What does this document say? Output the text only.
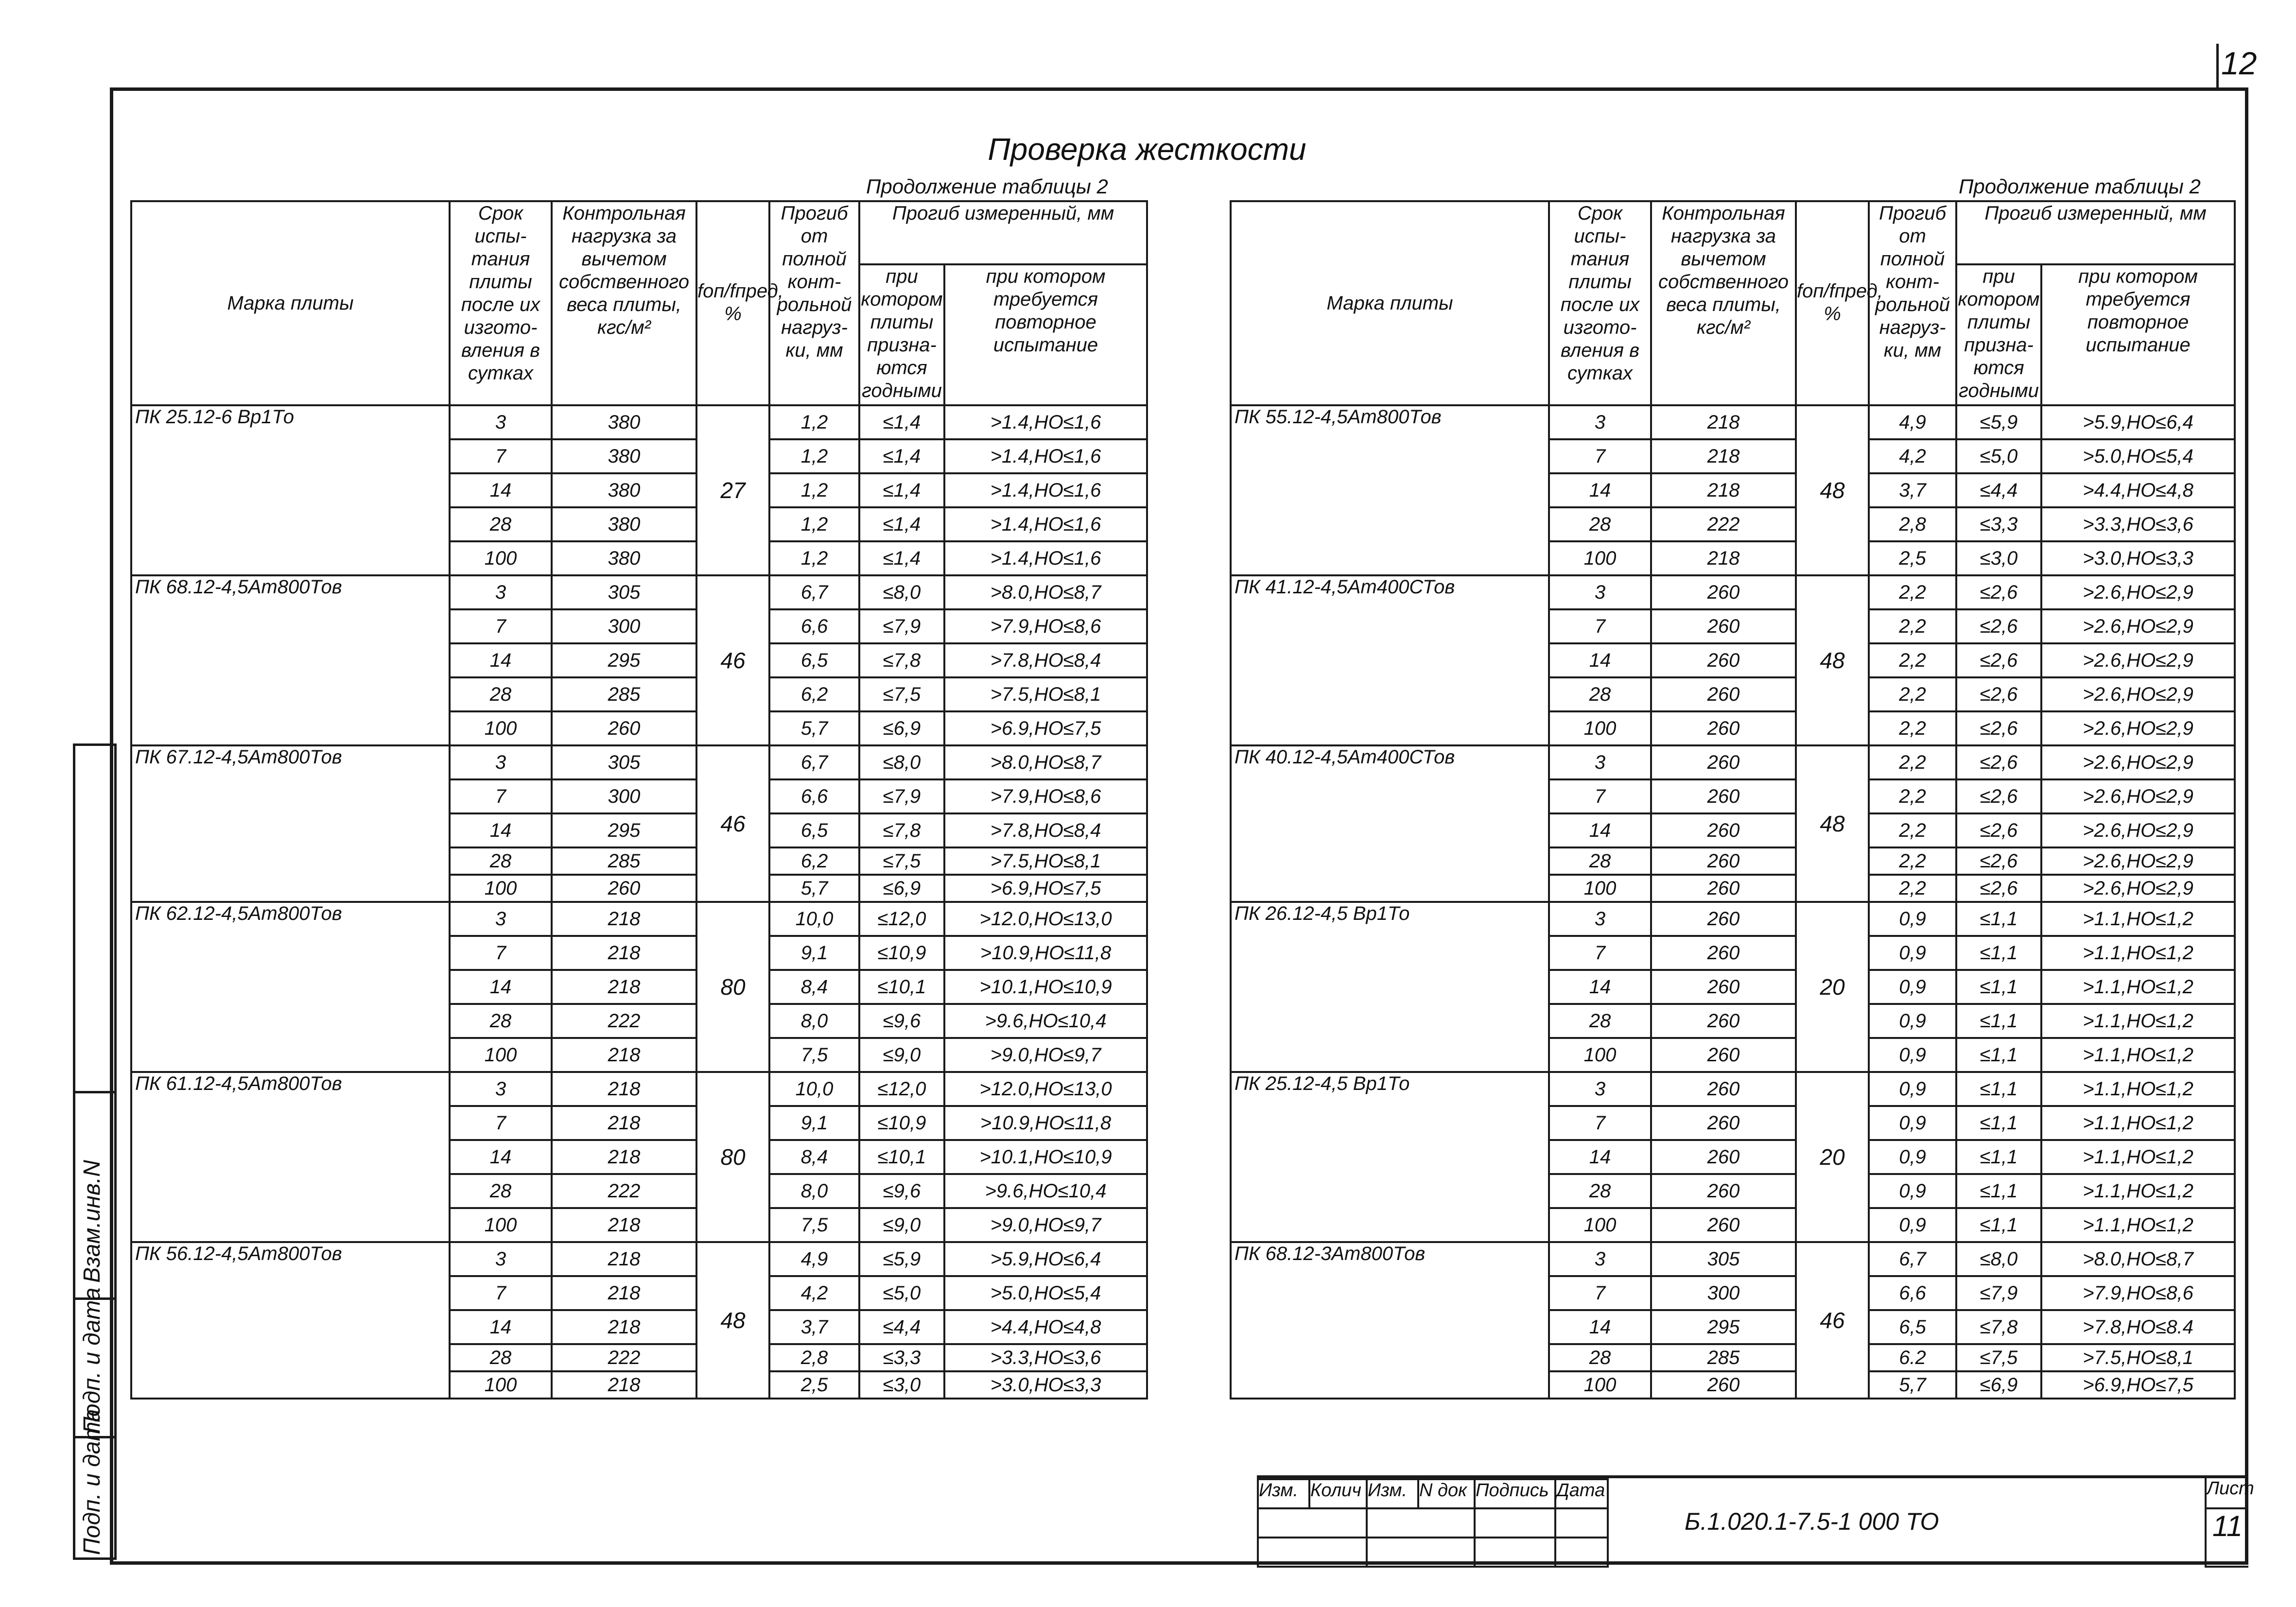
12
Проверка жесткости
Продолжение таблицы 2	Продолжение таблицы 2
Марка плиты	Срок испы-тания плиты после их изгото-вления в сутках	Контрольная нагрузка за вычетом собственного веса плиты, кгс/м²	fоп/fпред, %	Прогиб от полной конт-рольной нагруз-ки, мм	Прогиб измеренный, мм	
					при котором плиты призна-ются годными	при котором требуется повторное испытание
ПК 25.12-6 Вр1То	3	380	27	1,2	≤1,4	>1.4,НО≤1,6
	7	380		1,2	≤1,4	>1.4,НО≤1,6
	14	380		1,2	≤1,4	>1.4,НО≤1,6
	28	380		1,2	≤1,4	>1.4,НО≤1,6
	100	380		1,2	≤1,4	>1.4,НО≤1,6
ПК 68.12-4,5Ат800Тов	3	305	46	6,7	≤8,0	>8.0,НО≤8,7
	7	300		6,6	≤7,9	>7.9,НО≤8,6
	14	295		6,5	≤7,8	>7.8,НО≤8,4
	28	285		6,2	≤7,5	>7.5,НО≤8,1
	100	260		5,7	≤6,9	>6.9,НО≤7,5
ПК 67.12-4,5Ат800Тов	3	305	46	6,7	≤8,0	>8.0,НО≤8,7
	7	300		6,6	≤7,9	>7.9,НО≤8,6
	14	295		6,5	≤7,8	>7.8,НО≤8,4
	28	285		6,2	≤7,5	>7.5,НО≤8,1
	100	260		5,7	≤6,9	>6.9,НО≤7,5
ПК 62.12-4,5Ат800Тов	3	218	80	10,0	≤12,0	>12.0,НО≤13,0
	7	218		9,1	≤10,9	>10.9,НО≤11,8
	14	218		8,4	≤10,1	>10.1,НО≤10,9
	28	222		8,0	≤9,6	>9.6,НО≤10,4
	100	218		7,5	≤9,0	>9.0,НО≤9,7
ПК 61.12-4,5Ат800Тов	3	218	80	10,0	≤12,0	>12.0,НО≤13,0
	7	218		9,1	≤10,9	>10.9,НО≤11,8
	14	218		8,4	≤10,1	>10.1,НО≤10,9
	28	222		8,0	≤9,6	>9.6,НО≤10,4
	100	218		7,5	≤9,0	>9.0,НО≤9,7
ПК 56.12-4,5Ат800Тов	3	218	48	4,9	≤5,9	>5.9,НО≤6,4
	7	218		4,2	≤5,0	>5.0,НО≤5,4
	14	218		3,7	≤4,4	>4.4,НО≤4,8
	28	222		2,8	≤3,3	>3.3,НО≤3,6
	100	218		2,5	≤3,0	>3.0,НО≤3,3
Марка плиты	Срок испы-тания плиты после их изгото-вления в сутках	Контрольная нагрузка за вычетом собственного веса плиты, кгс/м²	fоп/fпред, %	Прогиб от полной конт-рольной нагруз-ки, мм	Прогиб измеренный, мм	
					при котором плиты призна-ются годными	при котором требуется повторное испытание
ПК 55.12-4,5Ат800Тов	3	218	48	4,9	≤5,9	>5.9,НО≤6,4
	7	218		4,2	≤5,0	>5.0,НО≤5,4
	14	218		3,7	≤4,4	>4.4,НО≤4,8
	28	222		2,8	≤3,3	>3.3,НО≤3,6
	100	218		2,5	≤3,0	>3.0,НО≤3,3
ПК 41.12-4,5Ат400СТов	3	260	48	2,2	≤2,6	>2.6,НО≤2,9
	7	260		2,2	≤2,6	>2.6,НО≤2,9
	14	260		2,2	≤2,6	>2.6,НО≤2,9
	28	260		2,2	≤2,6	>2.6,НО≤2,9
	100	260		2,2	≤2,6	>2.6,НО≤2,9
ПК 40.12-4,5Ат400СТов	3	260	48	2,2	≤2,6	>2.6,НО≤2,9
	7	260		2,2	≤2,6	>2.6,НО≤2,9
	14	260		2,2	≤2,6	>2.6,НО≤2,9
	28	260		2,2	≤2,6	>2.6,НО≤2,9
	100	260		2,2	≤2,6	>2.6,НО≤2,9
ПК 26.12-4,5 Вр1То	3	260	20	0,9	≤1,1	>1.1,НО≤1,2
	7	260		0,9	≤1,1	>1.1,НО≤1,2
	14	260		0,9	≤1,1	>1.1,НО≤1,2
	28	260		0,9	≤1,1	>1.1,НО≤1,2
	100	260		0,9	≤1,1	>1.1,НО≤1,2
ПК 25.12-4,5 Вр1То	3	260	20	0,9	≤1,1	>1.1,НО≤1,2
	7	260		0,9	≤1,1	>1.1,НО≤1,2
	14	260		0,9	≤1,1	>1.1,НО≤1,2
	28	260		0,9	≤1,1	>1.1,НО≤1,2
	100	260		0,9	≤1,1	>1.1,НО≤1,2
ПК 68.12-3Ат800Тов	3	305	46	6,7	≤8,0	>8.0,НО≤8,7
	7	300		6,6	≤7,9	>7.9,НО≤8,6
	14	295		6,5	≤7,8	>7.8,НО≤8.4
	28	285		6.2	≤7,5	>7.5,НО≤8,1
	100	260		5,7	≤6,9	>6.9,НО≤7,5
Взам.инв.N
Подп. и дата
Подп. и дата	Изм. Колич Изм. N док Подпись Дата
Б.1.020.1-7.5-1 000 ТО
Лист
11
